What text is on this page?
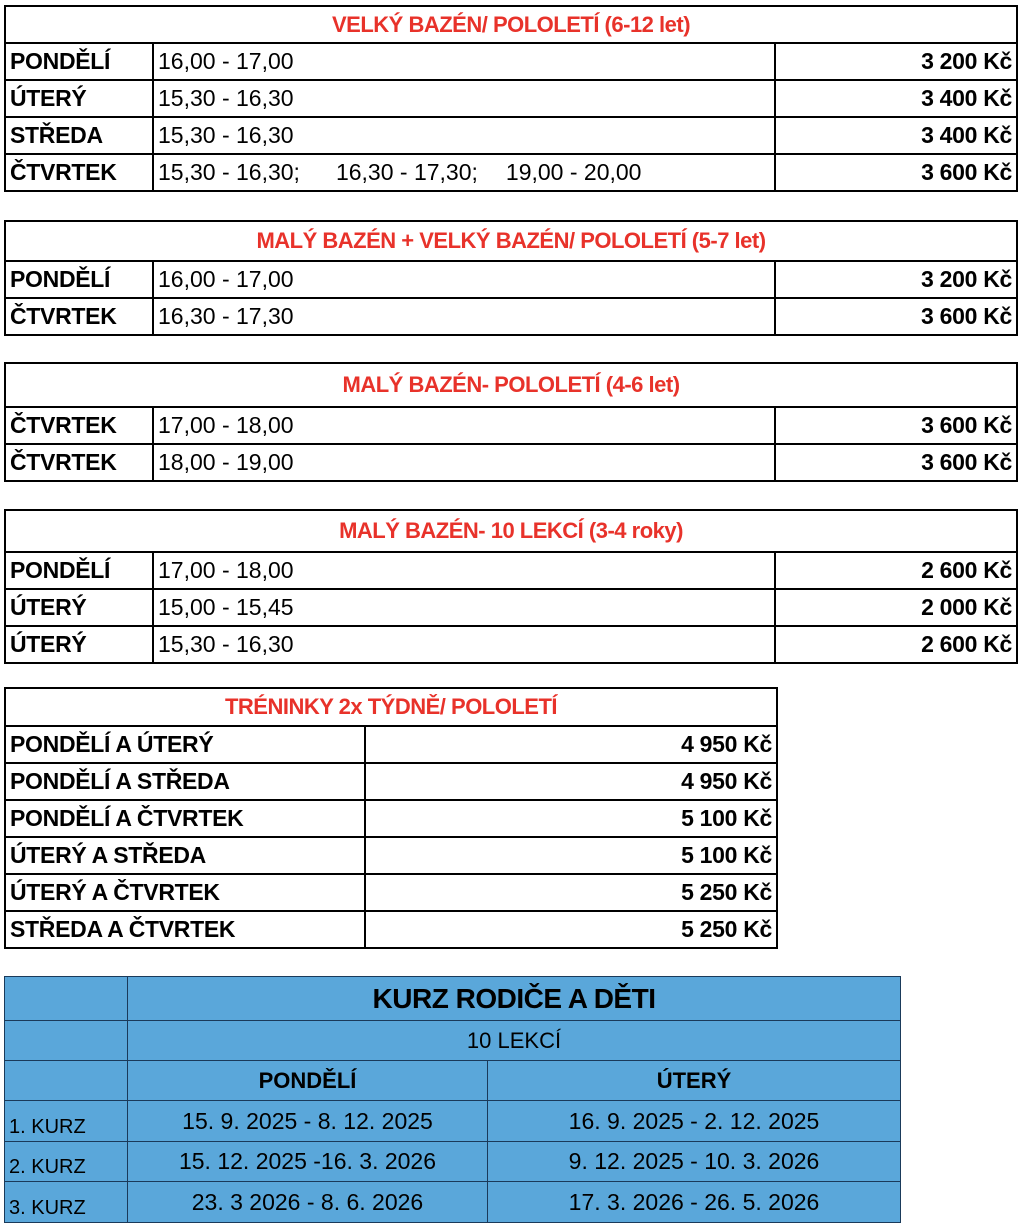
VELKÝ BAZÉN/ POLOLETÍ (6-12 let)		
PONDĚLÍ	16,00 - 17,00	3 200 Kč
ÚTERÝ	15,30 - 16,30	3 400 Kč
STŘEDA	15,30 - 16,30	3 400 Kč
ČTVRTEK	15,30 - 16,30; 16,30 - 17,30; 19,00 - 20,00	3 600 Kč
MALÝ BAZÉN + VELKÝ BAZÉN/ POLOLETÍ (5-7 let)		
PONDĚLÍ	16,00 - 17,00	3 200 Kč
ČTVRTEK	16,30 - 17,30	3 600 Kč
MALÝ BAZÉN- POLOLETÍ (4-6 let)		
ČTVRTEK	17,00 - 18,00	3 600 Kč
ČTVRTEK	18,00 - 19,00	3 600 Kč
MALÝ BAZÉN- 10 LEKCÍ (3-4 roky)		
PONDĚLÍ	17,00 - 18,00	2 600 Kč
ÚTERÝ	15,00 - 15,45	2 000 Kč
ÚTERÝ	15,30 - 16,30	2 600 Kč
TRÉNINKY 2x TÝDNĚ/ POLOLETÍ	
PONDĚLÍ A ÚTERÝ	4 950 Kč
PONDĚLÍ A STŘEDA	4 950 Kč
PONDĚLÍ A ČTVRTEK	5 100 Kč
ÚTERÝ A STŘEDA	5 100 Kč
ÚTERÝ A ČTVRTEK	5 250 Kč
STŘEDA A ČTVRTEK	5 250 Kč
	KURZ RODIČE A DĚTI	
	10 LEKCÍ	
	PONDĚLÍ	ÚTERÝ
1. KURZ	15. 9. 2025 - 8. 12. 2025	16. 9. 2025 - 2. 12. 2025
2. KURZ	15. 12. 2025 -16. 3. 2026	9. 12. 2025 - 10. 3. 2026
3. KURZ	23. 3 2026 - 8. 6. 2026	17. 3. 2026 - 26. 5. 2026
